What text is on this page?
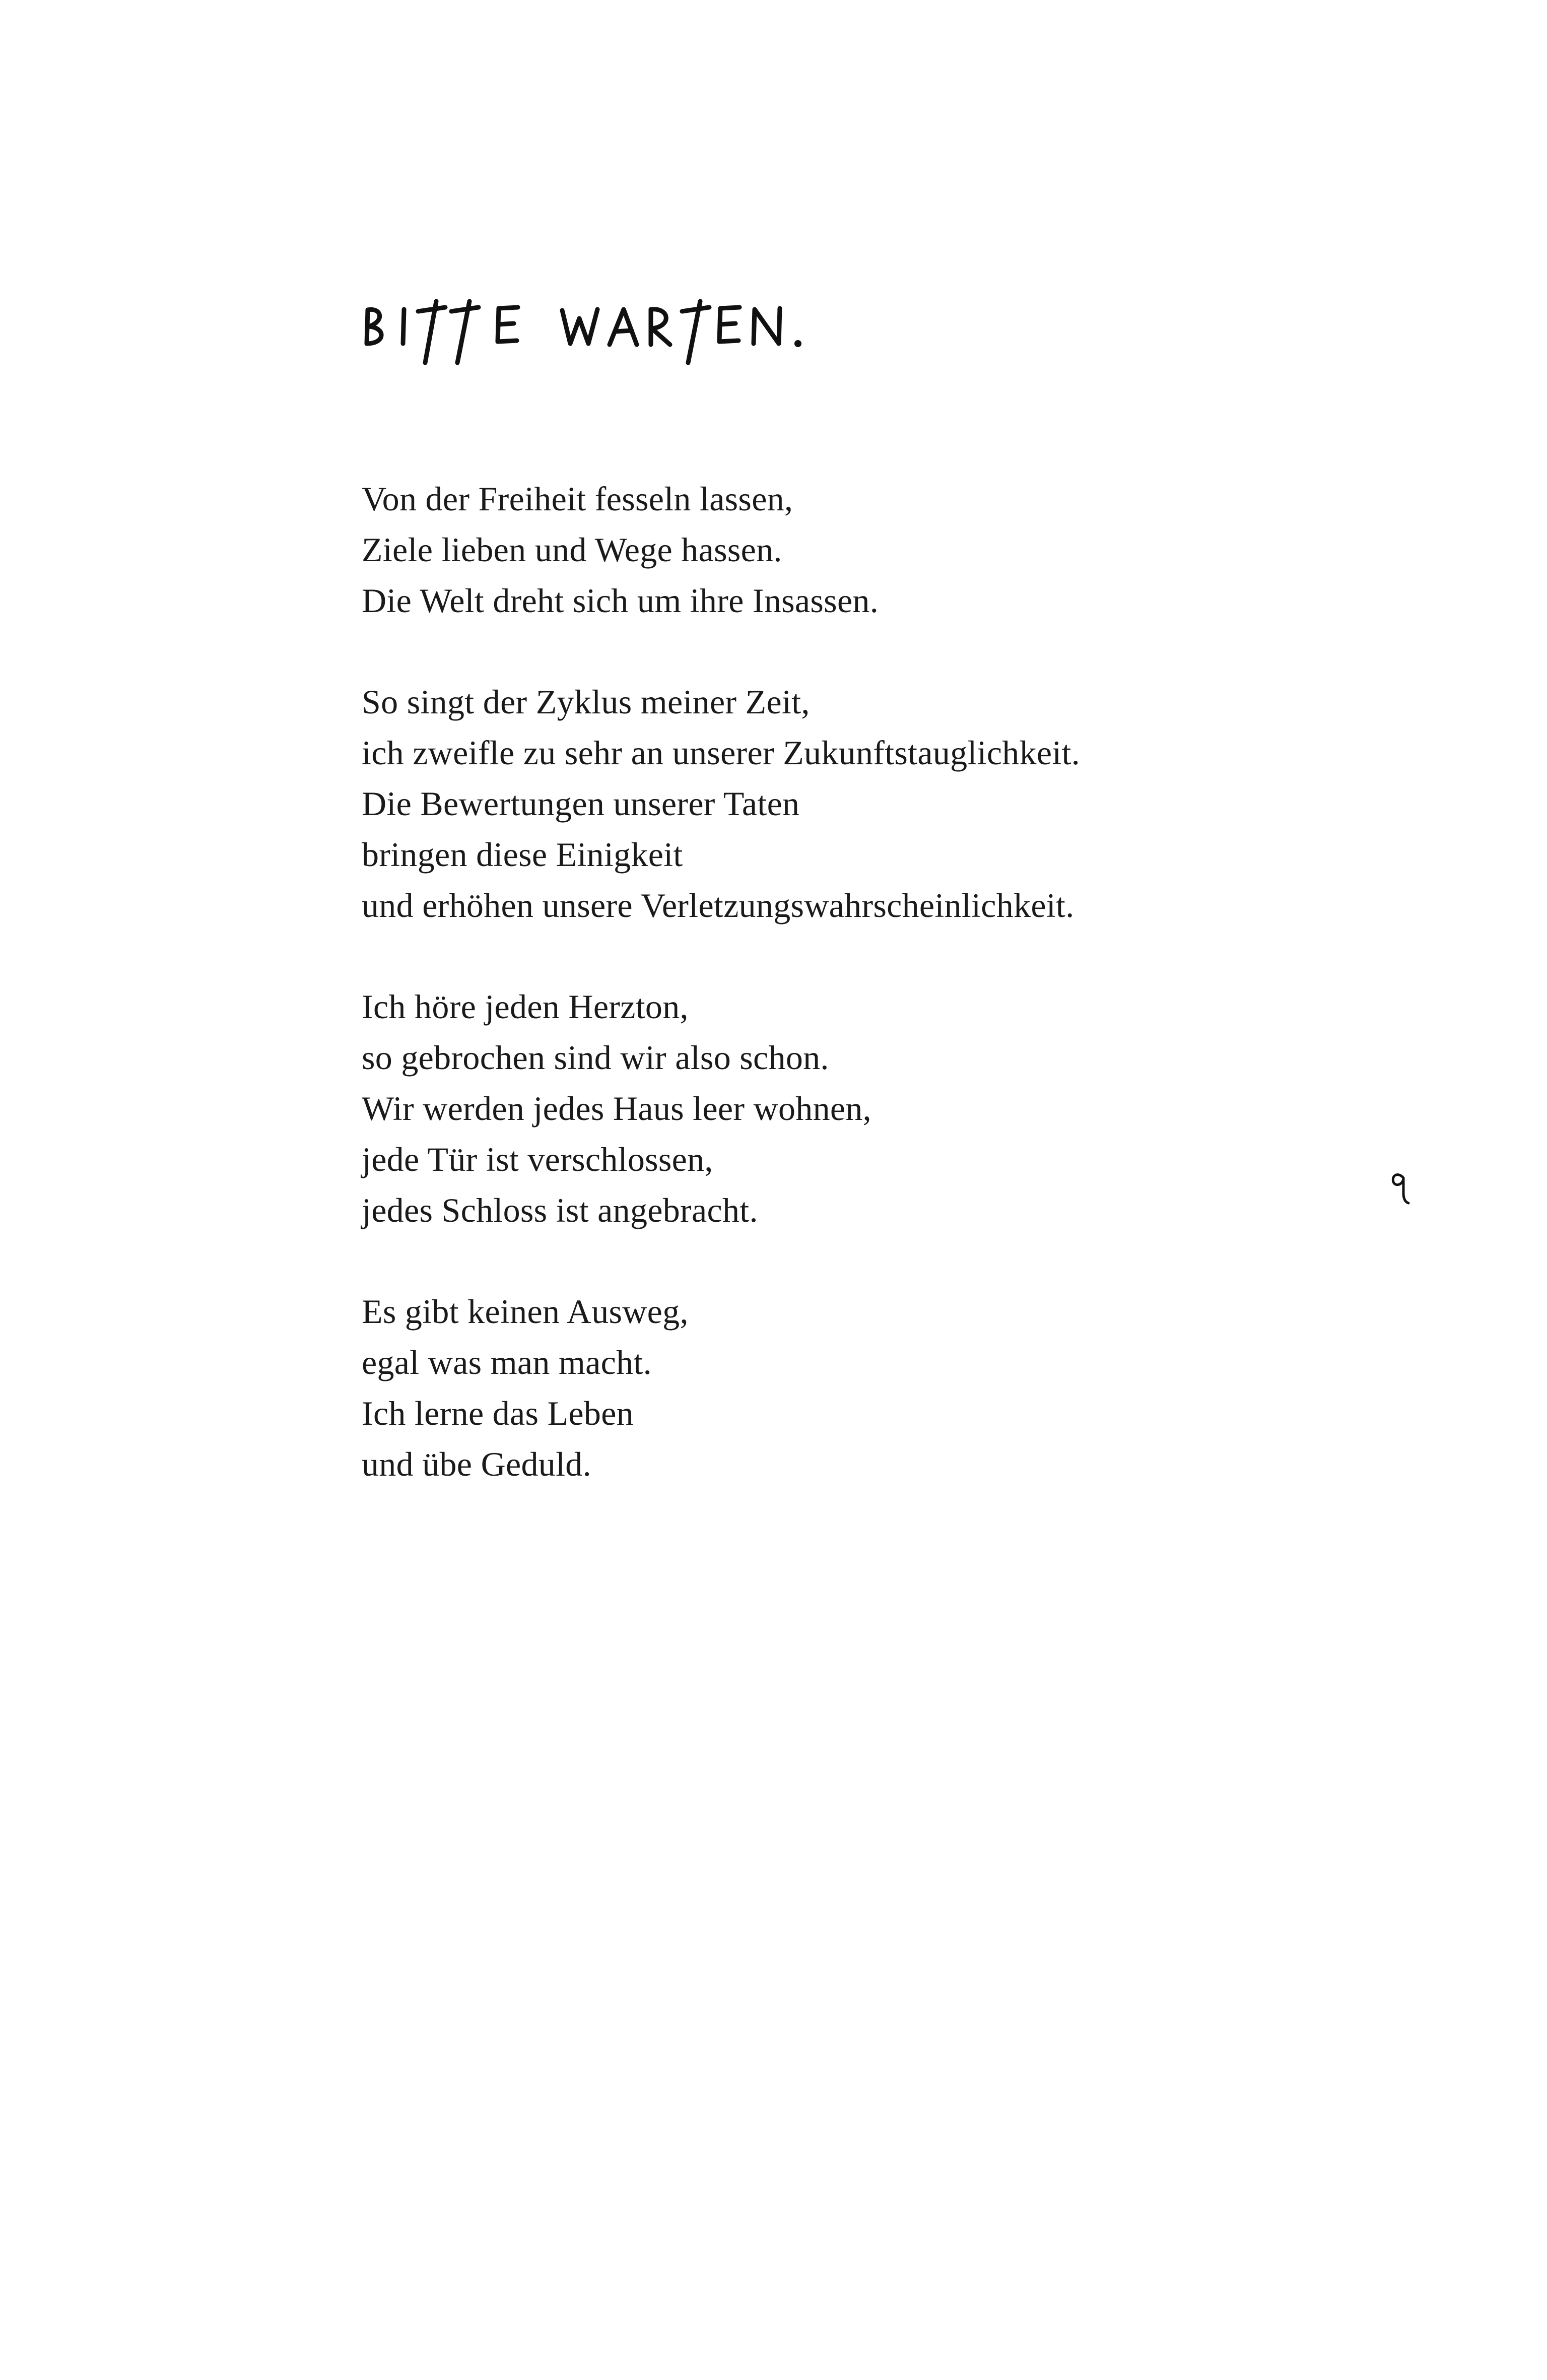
Von der Freiheit fesseln lassen,
Ziele lieben und Wege hassen.
Die Welt dreht sich um ihre Insassen.
So singt der Zyklus meiner Zeit,
ich zweifle zu sehr an unserer Zukunftstauglichkeit.
Die Bewertungen unserer Taten
bringen diese Einigkeit
und erhöhen unsere Verletzungswahrscheinlichkeit.
Ich höre jeden Herzton,
so gebrochen sind wir also schon.
Wir werden jedes Haus leer wohnen,
jede Tür ist verschlossen,
jedes Schloss ist angebracht.
Es gibt keinen Ausweg,
egal was man macht.
Ich lerne das Leben
und übe Geduld.
